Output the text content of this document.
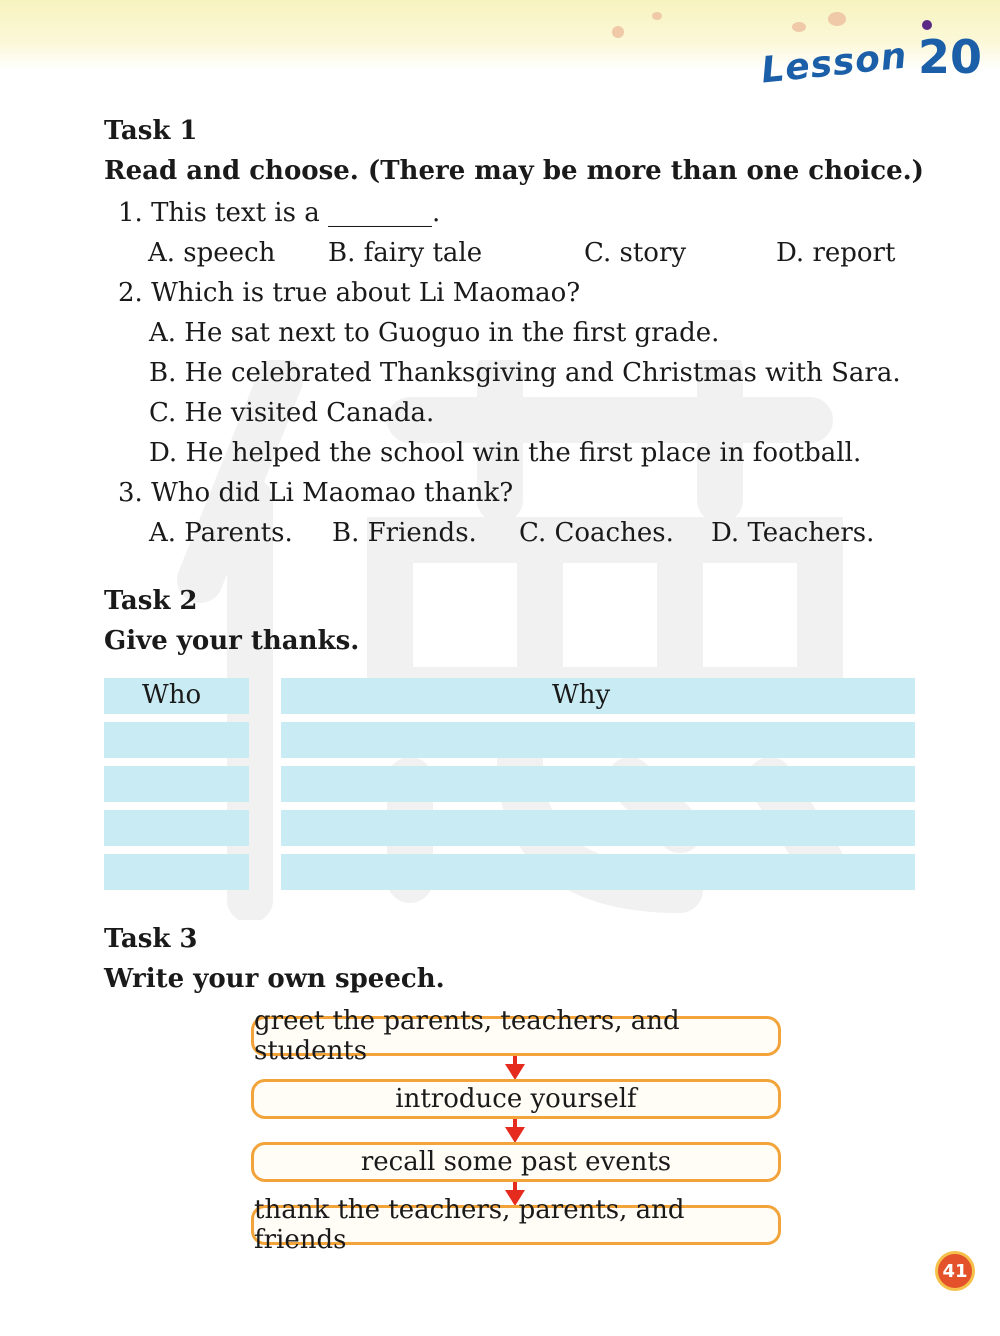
Lesson 20
Task 1
Read and choose. (There may be more than one choice.)
1. This text is a ________.
A. speech B. fairy tale	C. story	D. report
2. Which is true about Li Maomao?
A. He sat next to Guoguo in the first grade.
B. He celebrated Thanksgiving and Christmas with Sara.
C. He visited Canada.
D. He helped the school win the first place in football.
3. Who did Li Maomao thank?
A. Parents. B. Friends. C. Coaches. D. Teachers.
Task 2
Give your thanks.
Who	Why
Task 3
Write your own speech.
greet the parents, teachers, and students
introduce yourself
recall some past events
thank the teachers, parents, and friends
41
